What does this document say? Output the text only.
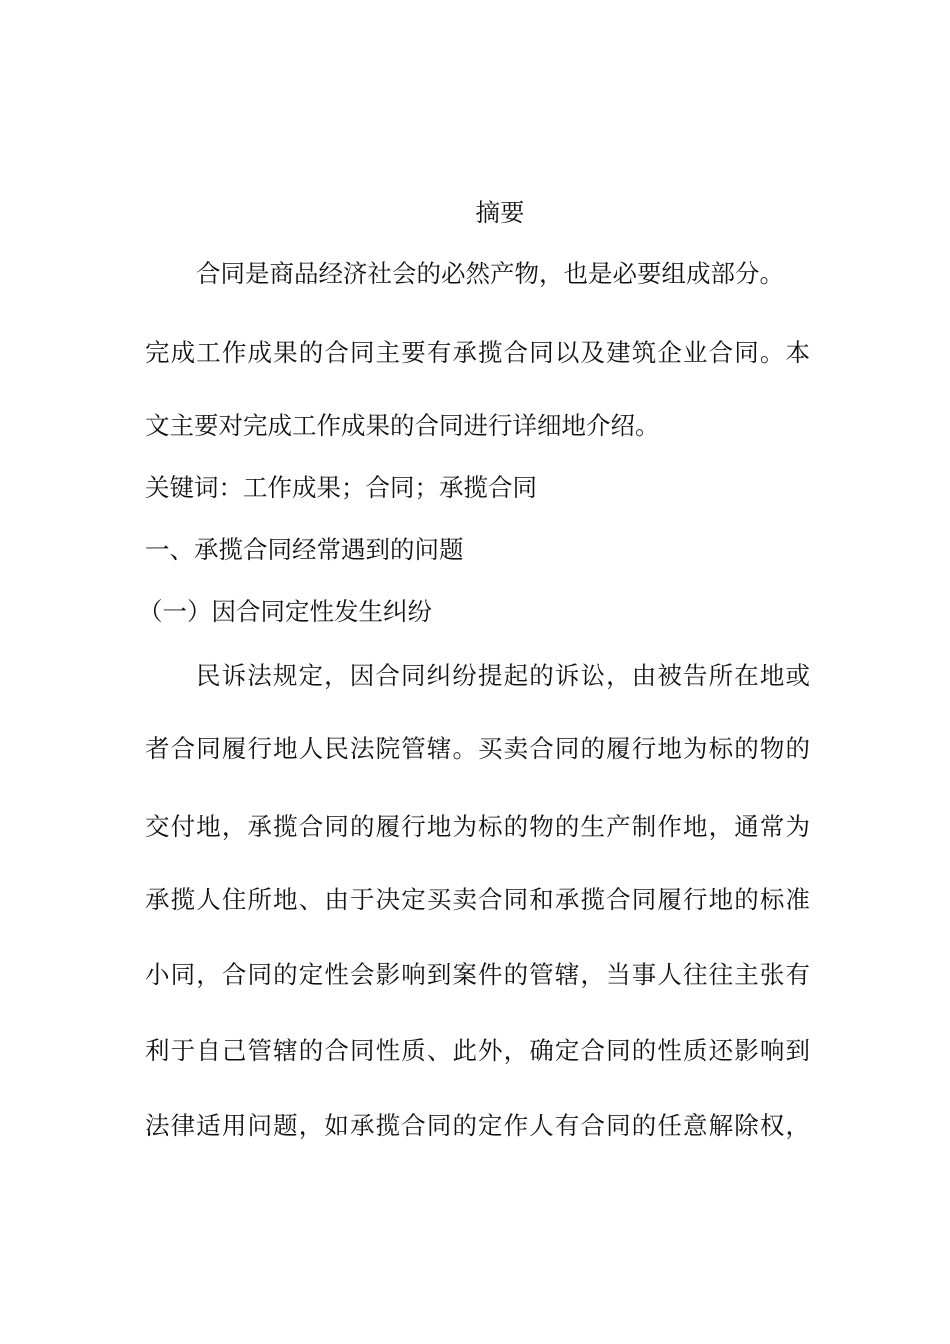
摘要
合同是商品经济社会的必然产物，也是必要组成部分。
完成工作成果的合同主要有承揽合同以及建筑企业合同。本
文主要对完成工作成果的合同进行详细地介绍。
关键词：工作成果；合同；承揽合同
一、承揽合同经常遇到的问题
（一）因合同定性发生纠纷
民诉法规定，因合同纠纷提起的诉讼，由被告所在地或
者合同履行地人民法院管辖。买卖合同的履行地为标的物的
交付地，承揽合同的履行地为标的物的生产制作地，通常为
承揽人住所地、由于决定买卖合同和承揽合同履行地的标准
小同，合同的定性会影响到案件的管辖，当事人往往主张有
利于自己管辖的合同性质、此外，确定合同的性质还影响到
法律适用问题，如承揽合同的定作人有合同的任意解除权，
